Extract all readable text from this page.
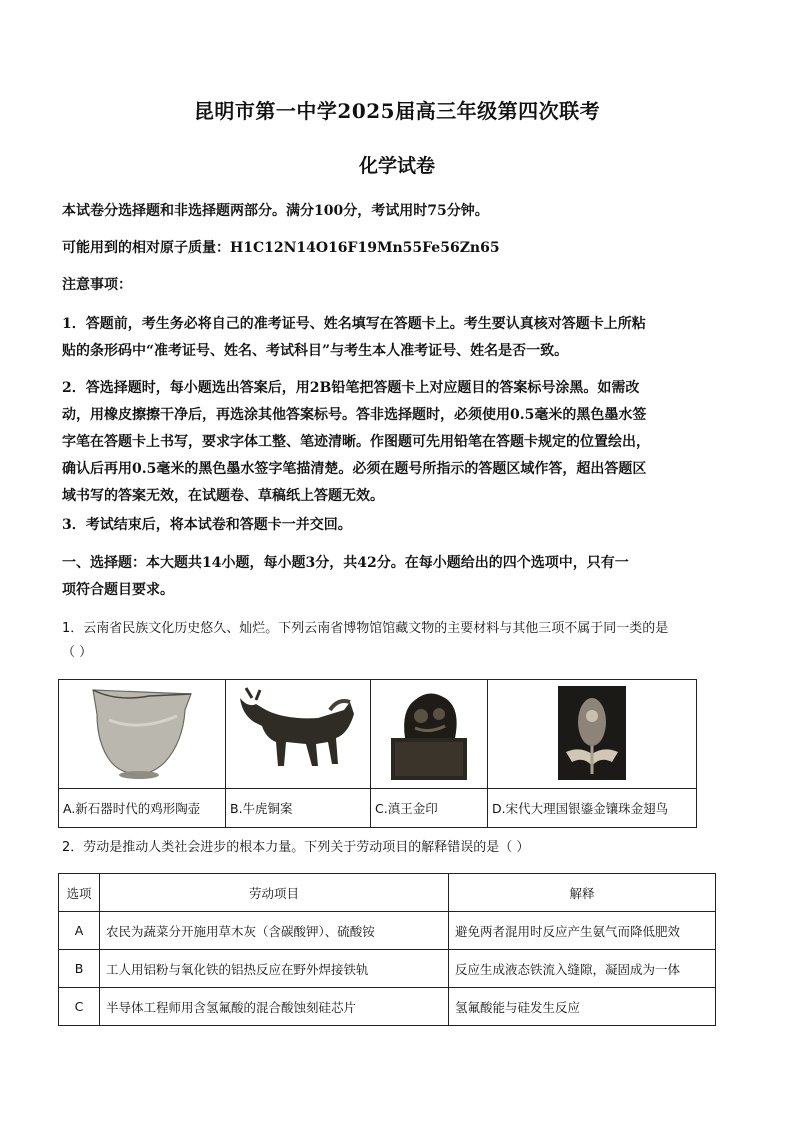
昆明市第一中学2025届高三年级第四次联考
化学试卷
本试卷分选择题和非选择题两部分。满分100分，考试用时75分钟。
可能用到的相对原子质量：H1C12N14O16F19Mn55Fe56Zn65
注意事项：
1．答题前，考生务必将自己的准考证号、姓名填写在答题卡上。考生要认真核对答题卡上所粘
贴的条形码中“准考证号、姓名、考试科目”与考生本人准考证号、姓名是否一致。
2．答选择题时，每小题选出答案后，用2B铅笔把答题卡上对应题目的答案标号涂黑。如需改
动，用橡皮擦擦干净后，再选涂其他答案标号。答非选择题时，必须使用0.5毫米的黑色墨水签
字笔在答题卡上书写，要求字体工整、笔迹清晰。作图题可先用铅笔在答题卡规定的位置绘出，
确认后再用0.5毫米的黑色墨水签字笔描清楚。必须在题号所指示的答题区域作答，超出答题区
域书写的答案无效，在试题卷、草稿纸上答题无效。
3．考试结束后，将本试卷和答题卡一并交回。
一、选择题：本大题共14小题，每小题3分，共42分。在每小题给出的四个选项中，只有一
项符合题目要求。
1．云南省民族文化历史悠久、灿烂。下列云南省博物馆馆藏文物的主要材料与其他三项不属于同一类的是
（ ）

A.新石器时代的鸡形陶壶	B.牛虎铜案	C.滇王金印	D.宋代大理国银鎏金镶珠金翅鸟
2．劳动是推动人类社会进步的根本力量。下列关于劳动项目的解释错误的是（ ）
选项	劳动项目	解释
A	农民为蔬菜分开施用草木灰（含碳酸钾）、硫酸铵	避免两者混用时反应产生氨气而降低肥效
B	工人用铝粉与氧化铁的铝热反应在野外焊接铁轨	反应生成液态铁流入缝隙，凝固成为一体
C	半导体工程师用含氢氟酸的混合酸蚀刻硅芯片	氢氟酸能与硅发生反应
